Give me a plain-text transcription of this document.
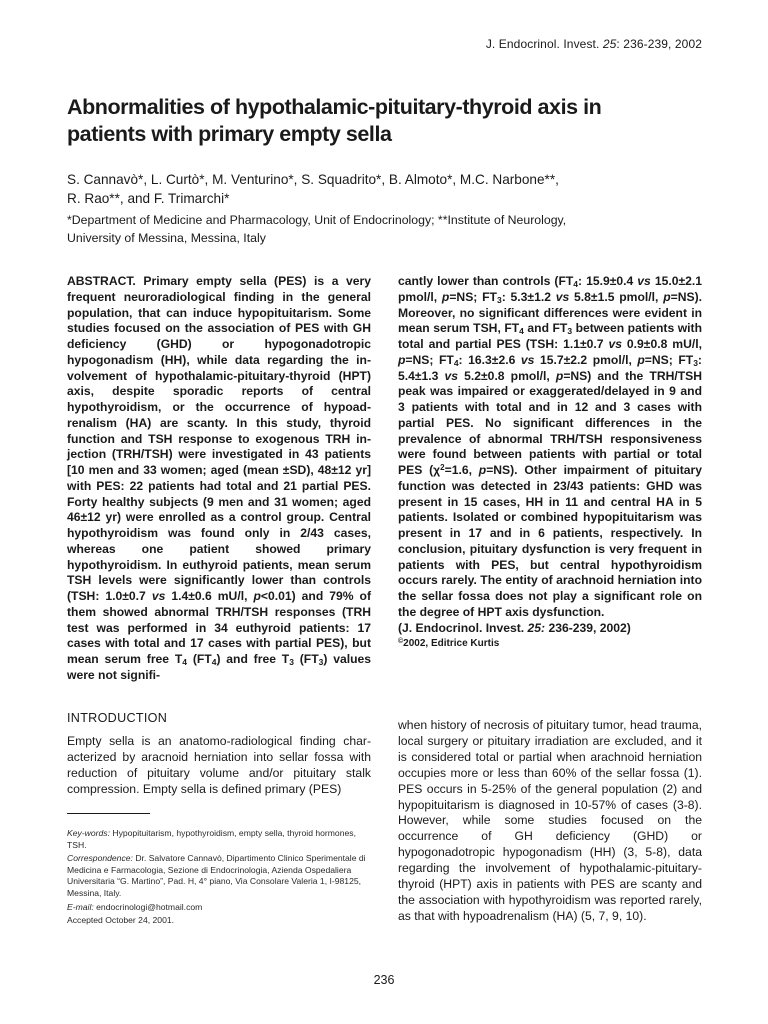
J. Endocrinol. Invest. 25: 236-239, 2002
Abnormalities of hypothalamic-pituitary-thyroid axis in
patients with primary empty sella
S. Cannavò*, L. Curtò*, M. Venturino*, S. Squadrito*, B. Almoto*, M.C. Narbone**,
R. Rao**, and F. Trimarchi*
*Department of Medicine and Pharmacology, Unit of Endocrinology; **Institute of Neurology,
University of Messina, Messina, Italy
ABSTRACT. Primary empty sella (PES) is a very frequent neuroradiological finding in the general population, that can induce hypopituitarism. Some studies focused on the association of PES with GH deficiency (GHD) or hypogonadotropic hypogonadism (HH), while data regarding the involvement of hypothalamic-pituitary-thyroid (HPT) axis, despite sporadic reports of central hypothyroidism, or the occurrence of hypoadrenalism (HA) are scanty. In this study, thyroid function and TSH response to exogenous TRH injection (TRH/TSH) were investigated in 43 patients [10 men and 33 women; aged (mean ±SD), 48±12 yr] with PES: 22 patients had total and 21 partial PES. Forty healthy subjects (9 men and 31 women; aged 46±12 yr) were enrolled as a control group. Central hypothyroidism was found only in 2/43 cases, whereas one patient showed primary hypothyroidism. In euthyroid patients, mean serum TSH levels were significantly lower than controls (TSH: 1.0±0.7 vs 1.4±0.6 mU/l, p<0.01) and 79% of them showed abnormal TRH/TSH responses (TRH test was performed in 34 euthyroid patients: 17 cases with total and 17 cases with partial PES), but mean serum free $T_4$ $(FT_4)$ and free $T_3$ $(FT_3)$ values were not signifi-
cantly lower than controls ($FT_4$: 15.9±0.4 vs 15.0±2.1 pmol/l, p=NS; $FT_3$: 5.3±1.2 vs 5.8±1.5 pmol/l, p=NS). Moreover, no significant differences were evident in mean serum TSH, $FT_4$ and $FT_3$ between patients with total and partial PES (TSH: 1.1±0.7 vs 0.9±0.8 mU/l, p=NS; $FT_4$: 16.3±2.6 vs 15.7±2.2 pmol/l, p=NS; $FT_3$: 5.4±1.3 vs 5.2±0.8 pmol/l, p=NS) and the TRH/TSH peak was impaired or exaggerated/delayed in 9 and 3 patients with total and in 12 and 3 cases with partial PES. No significant differences in the prevalence of abnormal TRH/TSH responsiveness were found between patients with partial or total PES ($\chi^2=1.6$, p=NS). Other impairment of pituitary function was detected in 23/43 patients: GHD was present in 15 cases, HH in 11 and central HA in 5 patients. Isolated or combined hypopituitarism was present in 17 and in 6 patients, respectively. In conclusion, pituitary dysfunction is very frequent in patients with PES, but central hypothyroidism occurs rarely. The entity of arachnoid herniation into the sellar fossa does not play a significant role on the degree of HPT axis dysfunction.
(J. Endocrinol. Invest. 25: 236-239, 2002)
©2002, Editrice Kurtis
INTRODUCTION
Empty sella is an anatomo-radiological finding characterized by aracnoid herniation into sellar fossa with reduction of pituitary volume and/or pituitary stalk compression. Empty sella is defined primary (PES)
when history of necrosis of pituitary tumor, head trauma, local surgery or pituitary irradiation are excluded, and it is considered total or partial when arachnoid herniation occupies more or less than 60% of the sellar fossa (1). PES occurs in 5-25% of the general population (2) and hypopituitarism is diagnosed in 10-57% of cases (3-8). However, while some studies focused on the occurrence of GH deficiency (GHD) or hypogonadotropic hypogonadism (HH) (3, 5-8), data regarding the involvement of hypothalamic-pituitary-thyroid (HPT) axis in patients with PES are scanty and the association with hypothyroidism was reported rarely, as that with hypoadrenalism (HA) (5, 7, 9, 10).

Key-words: Hypopituitarism, hypothyroidism, empty sella, thyroid hormones, TSH.

Correspondence: Dr. Salvatore Cannavò, Dipartimento Clinico Sperimentale di Medicina e Farmacologia, Sezione di Endocrinologia, Azienda Ospedaliera Universitaria “G. Martino”, Pad. H, 4° piano, Via Consolare Valeria 1, I-98125, Messina, Italy.

E-mail: endocrinologi@hotmail.com

Accepted October 24, 2001.

236
